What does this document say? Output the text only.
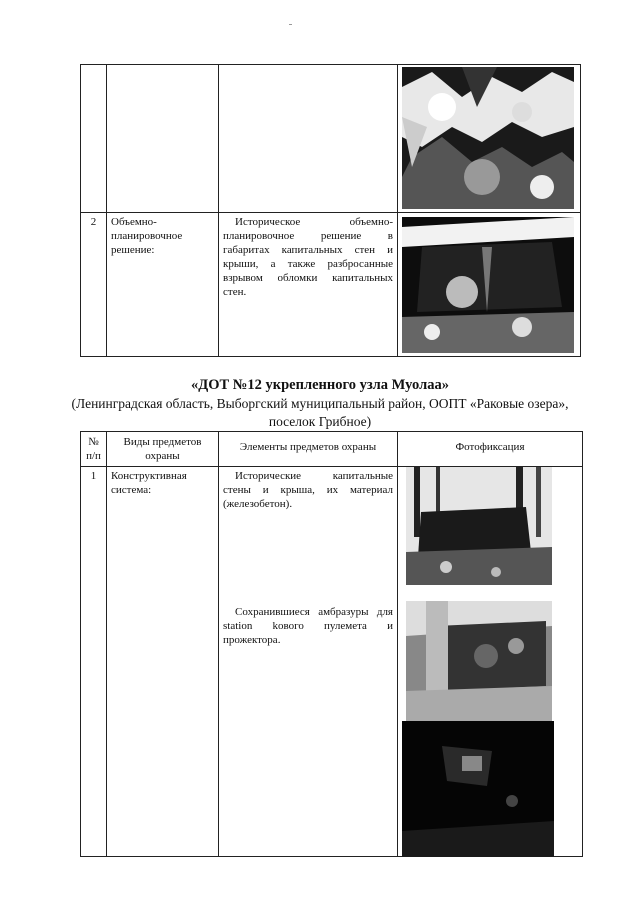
2	Объемно-планировочное решение:	Историческое объемно-планировочное решение в габаритах капитальных стен и крыши, а также разбросанные взрывом обломки капитальных стен.

«ДОТ №12 укрепленного узла Муолаа»
(Ленинградская область, Выборгский муниципальный район, ООПТ «Раковые озера», поселок Грибное)
№ п/п	Виды предметов охраны	Элементы предметов охраны	Фотофиксация

1	Конструктивная система:	Исторические капитальные стены и крыша, их материал (железобетон).
Сохранившиеся амбразуры для station kового пулемета и прожектора.
